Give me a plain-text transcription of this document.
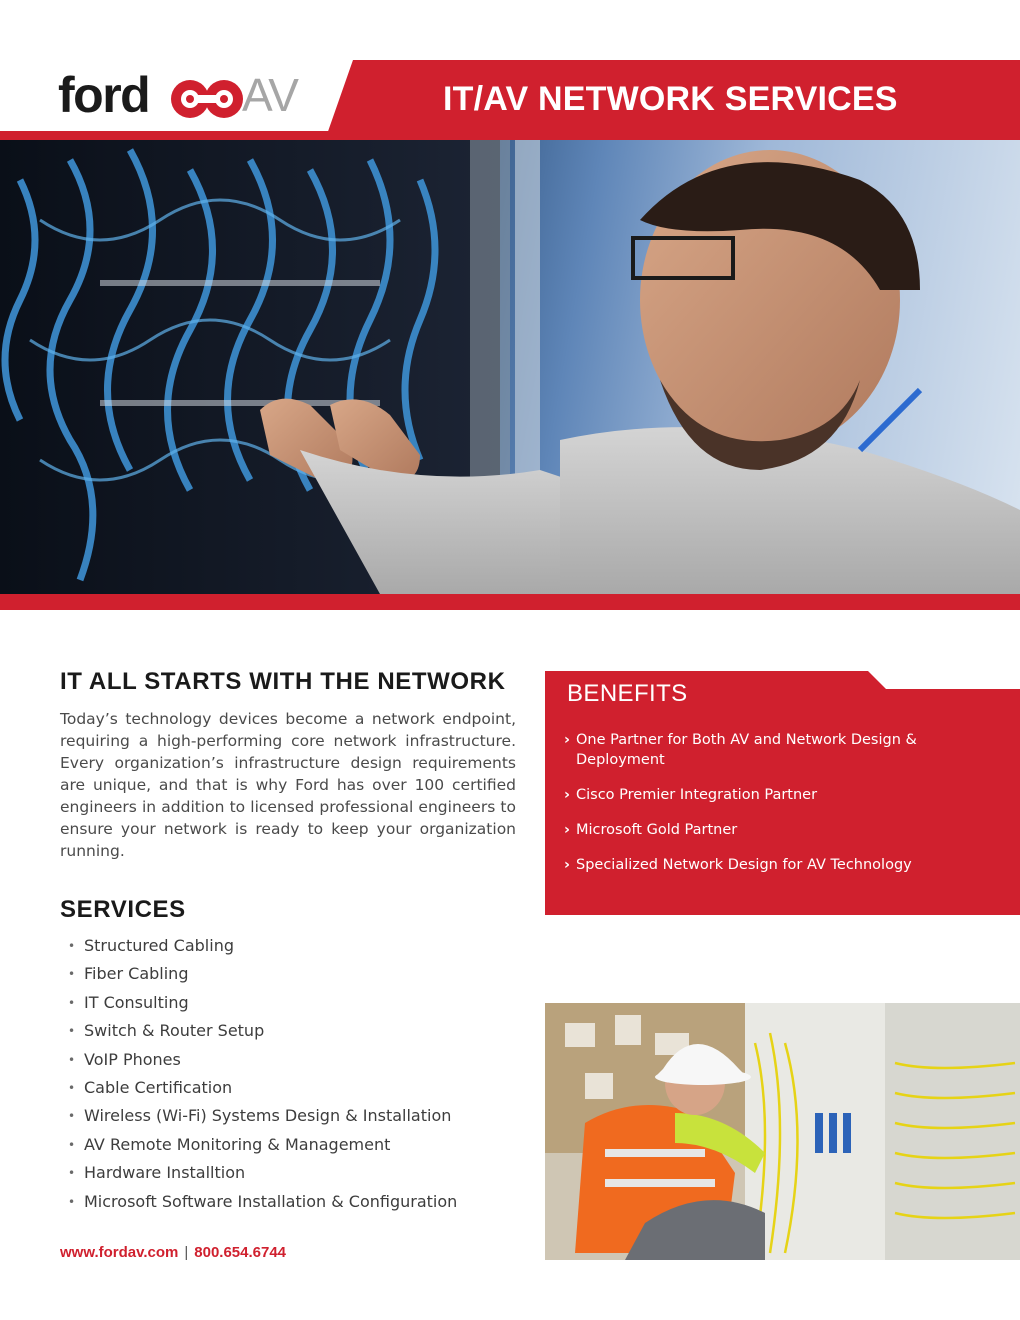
IT/AV NETWORK SERVICES
ford AV
IT ALL STARTS WITH THE NETWORK

Today’s technology devices become a network endpoint, requiring a high-performing core network infrastructure. Every organization’s infrastructure design requirements are unique, and that is why Ford has over 100 certified engineers in addition to licensed professional engineers to ensure your network is ready to keep your organization running.

BENEFITS
› One Partner for Both AV and Network Design & Deployment
› Cisco Premier Integration Partner
› Microsoft Gold Partner
› Specialized Network Design for AV Technology
SERVICES
• Structured Cabling
• Fiber Cabling
• IT Consulting
• Switch & Router Setup
• VoIP Phones
• Cable Certification
• Wireless (Wi-Fi) Systems Design & Installation
• AV Remote Monitoring & Management
• Hardware Installtion
• Microsoft Software Installation & Configuration
www.fordav.com | 800.654.6744
